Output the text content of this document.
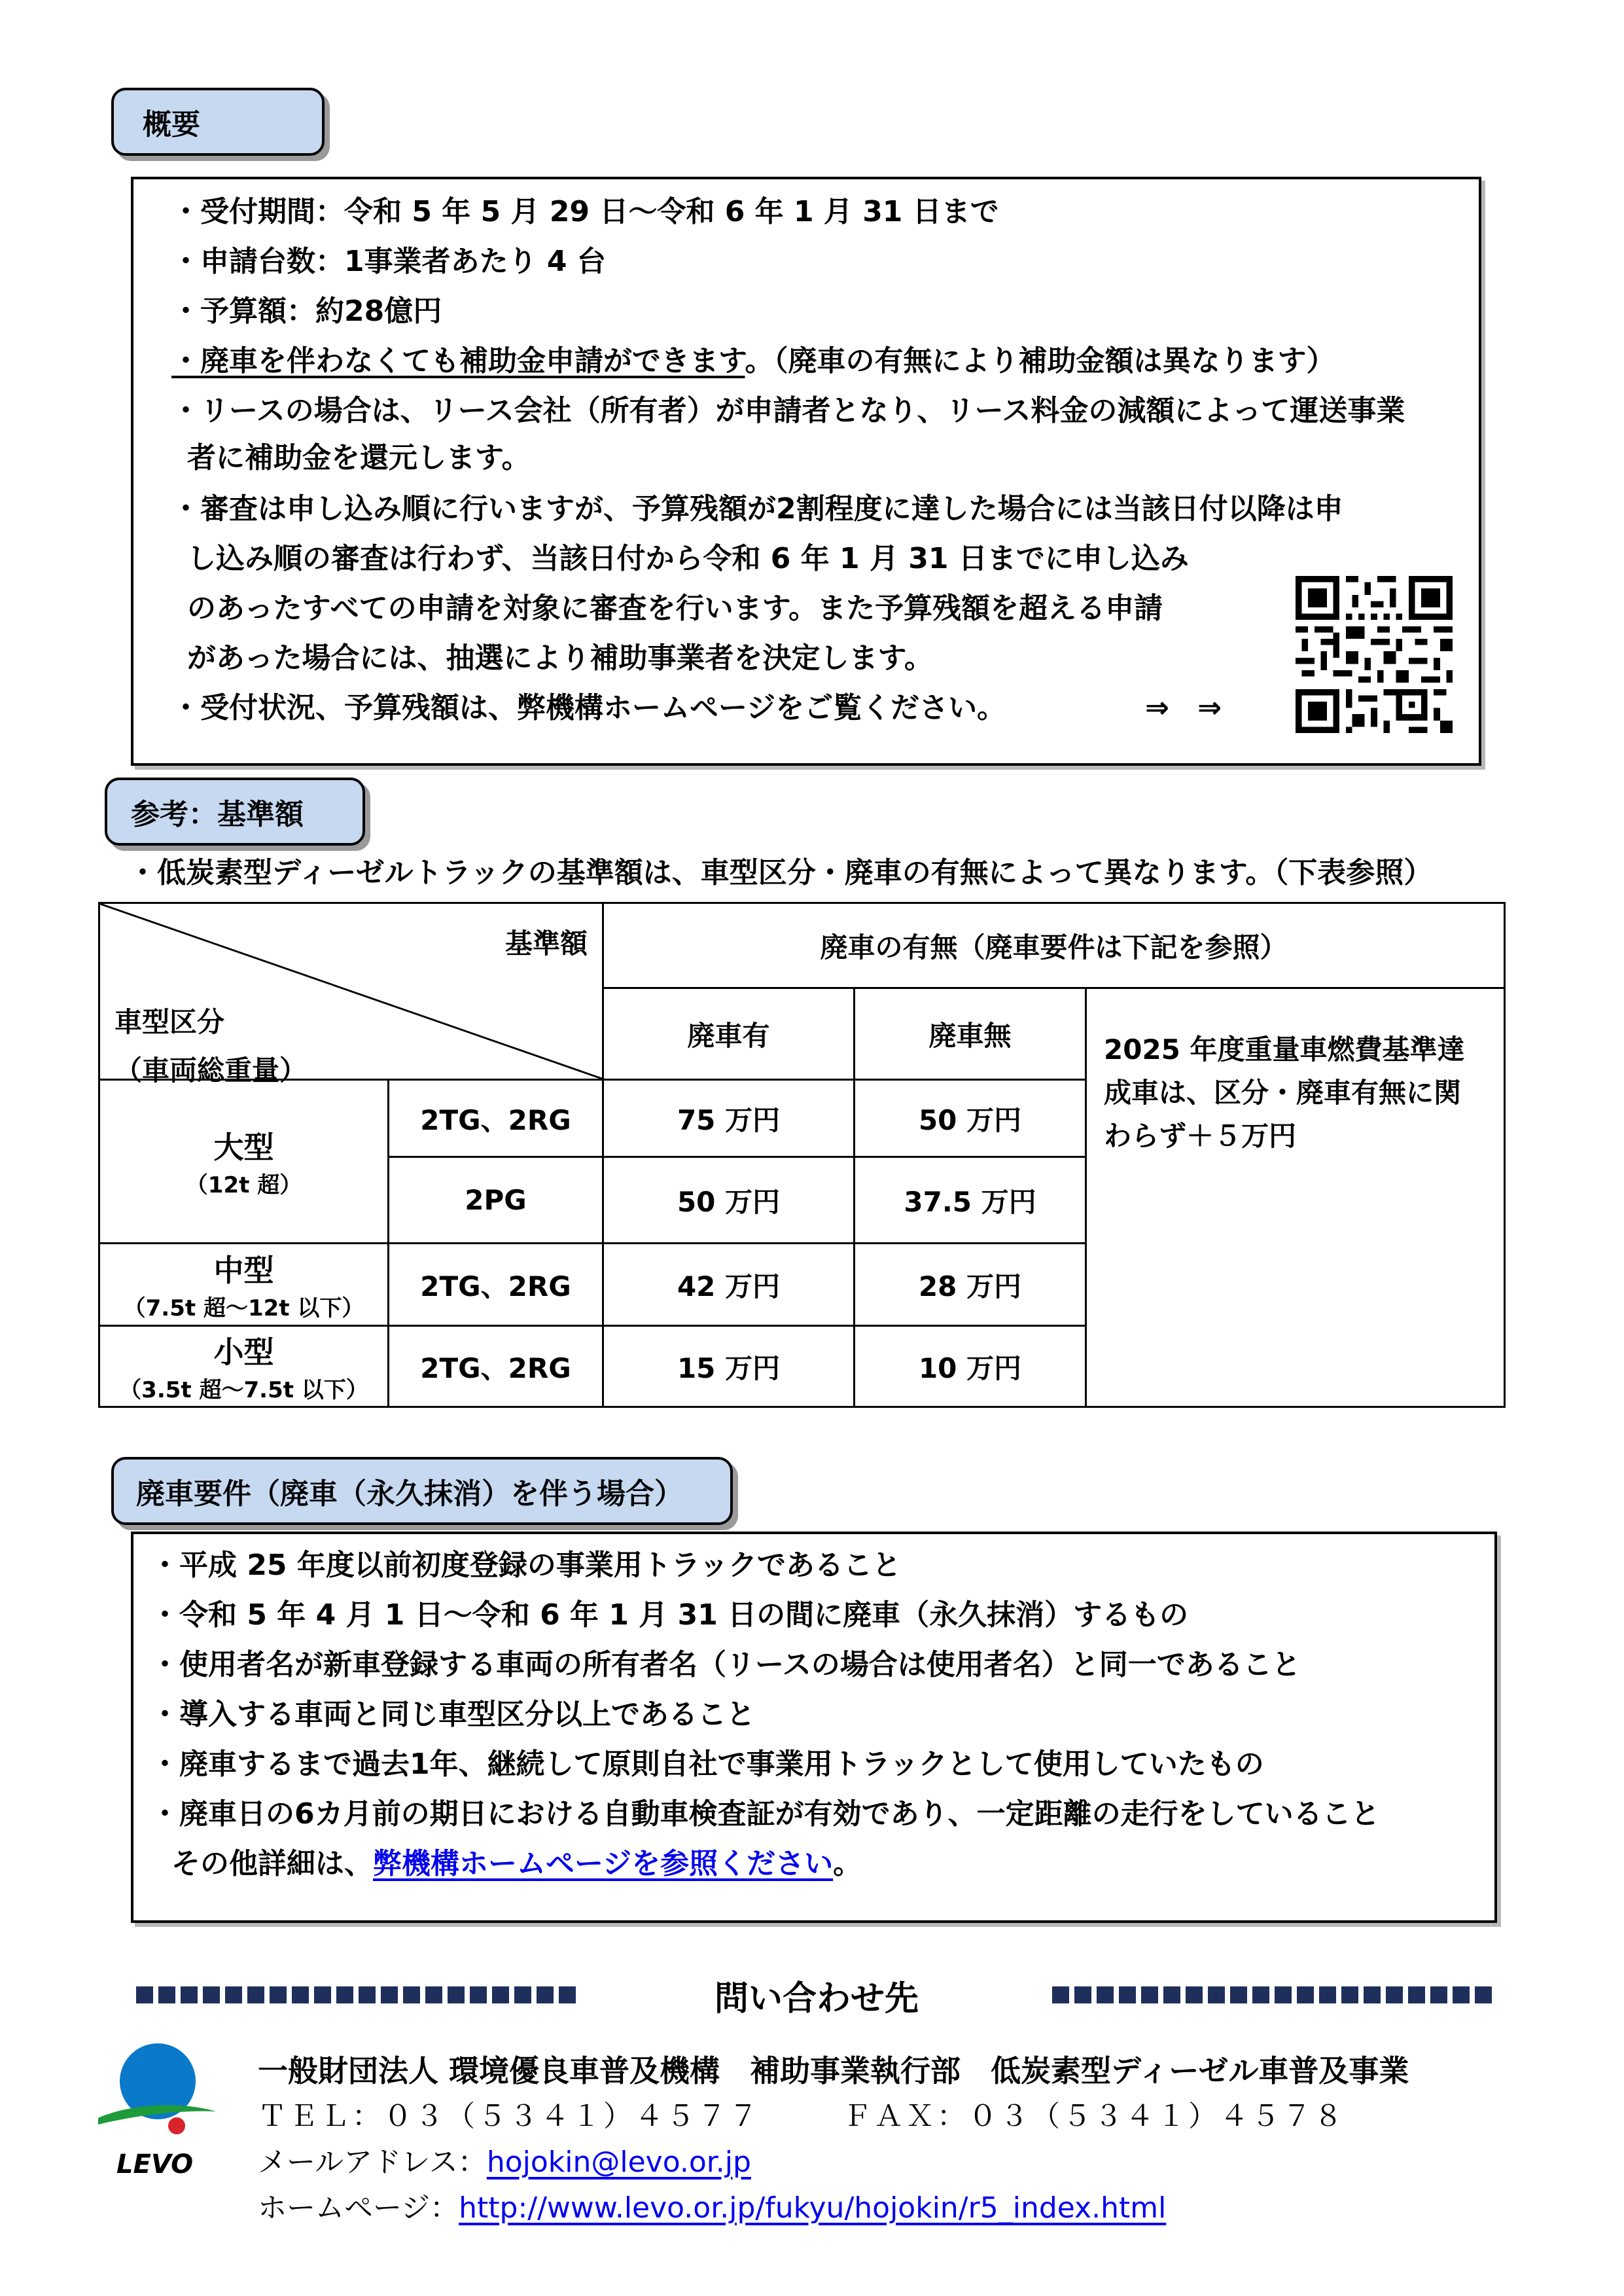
概要
・受付期間：令和 5 年 5 月 29 日～令和 6 年 1 月 31 日まで
・申請台数：1事業者あたり 4 台
・予算額：約28億円
・廃車を伴わなくても補助金申請ができます。（廃車の有無により補助金額は異なります）
・リースの場合は、リース会社（所有者）が申請者となり、リース料金の減額によって運送事業
者に補助金を還元します。
・審査は申し込み順に行いますが、予算残額が2割程度に達した場合には当該日付以降は申
し込み順の審査は行わず、当該日付から令和 6 年 1 月 31 日までに申し込み
のあったすべての申請を対象に審査を行います。また予算残額を超える申請
があった場合には、抽選により補助事業者を決定します。
・受付状況、予算残額は、弊機構ホームページをご覧ください。	⇒ ⇒
参考：基準額
・低炭素型ディーゼルトラックの基準額は、車型区分・廃車の有無によって異なります。（下表参照）
基準額
車型区分
（車両総重量）		廃車の有無（廃車要件は下記を参照）		
		廃車有	廃車無	2025 年度重量車燃費基準達成車は、区分・廃車有無に関わらず＋５万円

大型
（12t 超）	2TG、2RG	75 万円	50 万円	
	2PG	50 万円	37.5 万円	

中型
（7.5t 超～12t 以下）	2TG、2RG	42 万円	28 万円	

小型
（3.5t 超～7.5t 以下）	2TG、2RG	15 万円	10 万円	
廃車要件（廃車（永久抹消）を伴う場合）
・平成 25 年度以前初度登録の事業用トラックであること
・令和 5 年 4 月 1 日～令和 6 年 1 月 31 日の間に廃車（永久抹消）するもの
・使用者名が新車登録する車両の所有者名（リースの場合は使用者名）と同一であること
・導入する車両と同じ車型区分以上であること
・廃車するまで過去1年、継続して原則自社で事業用トラックとして使用していたもの
・廃車日の6カ月前の期日における自動車検査証が有効であり、一定距離の走行をしていること
その他詳細は、弊機構ホームページを参照ください。
問い合わせ先
LEVO
一般財団法人 環境優良車普及機構　補助事業執行部　低炭素型ディーゼル車普及事業
ＴＥＬ：０３（５３４１）４５７７	ＦＡＸ：０３（５３４１）４５７８
メールアドレス：hojokin@levo.or.jp
ホームページ：http://www.levo.or.jp/fukyu/hojokin/r5_index.html
